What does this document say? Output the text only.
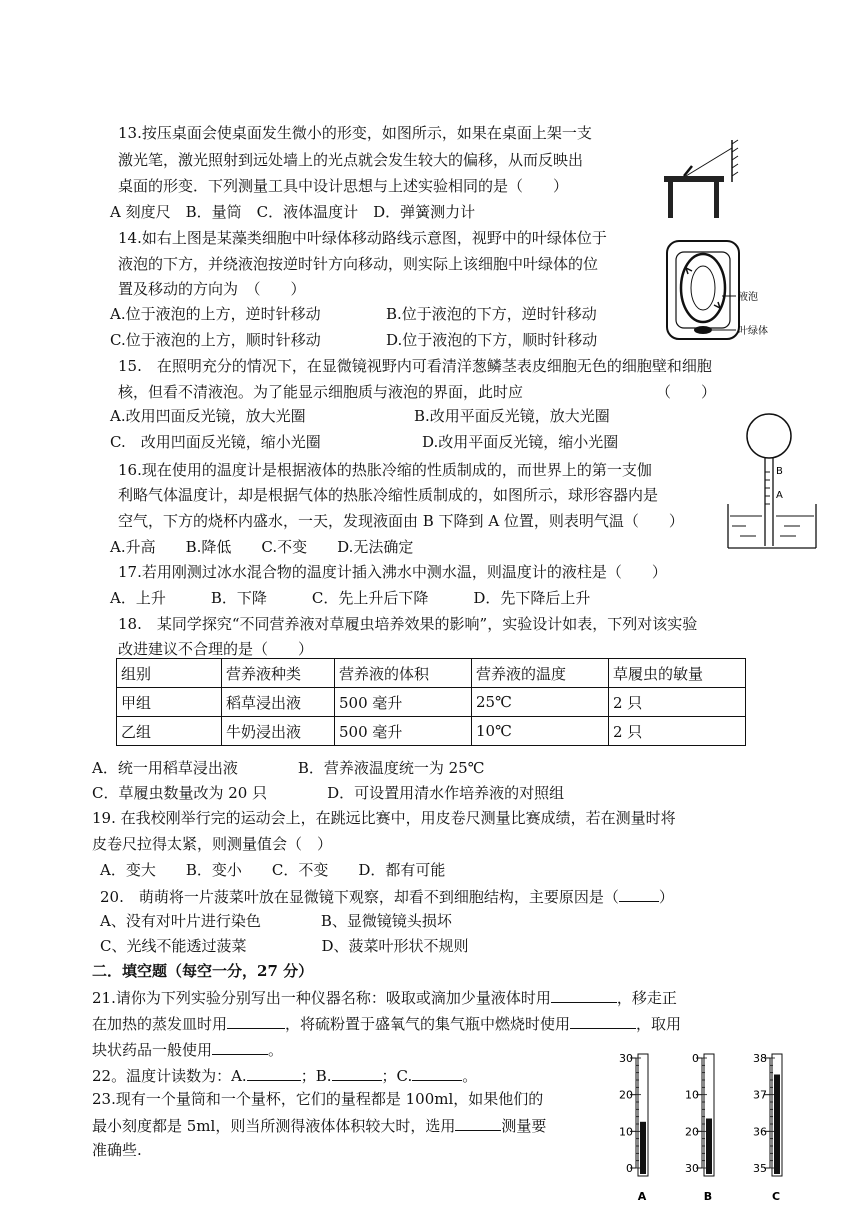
13.按压桌面会使桌面发生微小的形变，如图所示，如果在桌面上架一支
激光笔，激光照射到远处墙上的光点就会发生较大的偏移，从而反映出
桌面的形变．下列测量工具中设计思想与上述实验相同的是（　　）
A 刻度尺　B．量筒　C．液体温度计　D．弹簧测力计
14.如右上图是某藻类细胞中叶绿体移动路线示意图，视野中的叶绿体位于
液泡的下方，并绕液泡按逆时针方向移动，则实际上该细胞中叶绿体的位
置及移动的方向为　（　　）
A.位于液泡的上方，逆时针移动	B.位于液泡的下方，逆时针移动
C.位于液泡的上方，顺时针移动	D.位于液泡的下方，顺时针移动
液泡
叶绿体
15.　在照明充分的情况下，在显微镜视野内可看清洋葱鳞茎表皮细胞无色的细胞壁和细胞
核，但看不清液泡。为了能显示细胞质与液泡的界面，此时应	（　　）
A.改用凹面反光镜，放大光圈	B.改用平面反光镜，放大光圈
C.　改用凹面反光镜，缩小光圈	D.改用平面反光镜，缩小光圈
B
A
16.现在使用的温度计是根据液体的热胀冷缩的性质制成的，而世界上的第一支伽
利略气体温度计，却是根据气体的热胀冷缩性质制成的，如图所示，球形容器内是
空气，下方的烧杯内盛水，一天，发现液面由 B 下降到 A 位置，则表明气温（　　）
A.升高　　B.降低　　C.不变　　D.无法确定
17.若用刚测过冰水混合物的温度计插入沸水中测水温，则温度计的液柱是（　　）
A．上升　　　B．下降　　　C．先上升后下降　　　D．先下降后上升
18.　某同学探究“不同营养液对草履虫培养效果的影响”，实验设计如表，下列对该实验
改进建议不合理的是（　　）
组别	营养液种类	营养液的体积	营养液的温度	草履虫的敏量
甲组	稻草浸出液	500 毫升	25℃	2 只
乙组	牛奶浸出液	500 毫升	10℃	2 只
A．统一用稻草浸出液　　　　B．营养液温度统一为 25℃
C．草履虫数量改为 20 只　　　　D．可设置用清水作培养液的对照组
19. 在我校刚举行完的运动会上，在跳远比赛中，用皮卷尺测量比赛成绩，若在测量时将
皮卷尺拉得太紧，则测量值会（　）
A．变大　　B．变小　　C．不变　　D．都有可能
20.　萌萌将一片菠菜叶放在显微镜下观察，却看不到细胞结构，主要原因是（	）
A、没有对叶片进行染色　　　　B、显微镜镜头损坏
C、光线不能透过菠菜　　　　　D、菠菜叶形状不规则
二．填空题（每空一分，27 分）
21.请你为下列实验分别写出一种仪器名称：吸取或滴加少量液体时用	，移走正
在加热的蒸发皿时用	，将硫粉置于盛氧气的集气瓶中燃烧时使用	，取用
块状药品一般使用	。
22。温度计读数为：A.	；B.	；C.	。
23.现有一个量筒和一个量杯，它们的量程都是 100ml，如果他们的
最小刻度都是 5ml，则当所测得液体体积较大时，选用	测量要
准确些.
30
20
10
0
A
0
10
20
30
B
38
37
36
35
C
